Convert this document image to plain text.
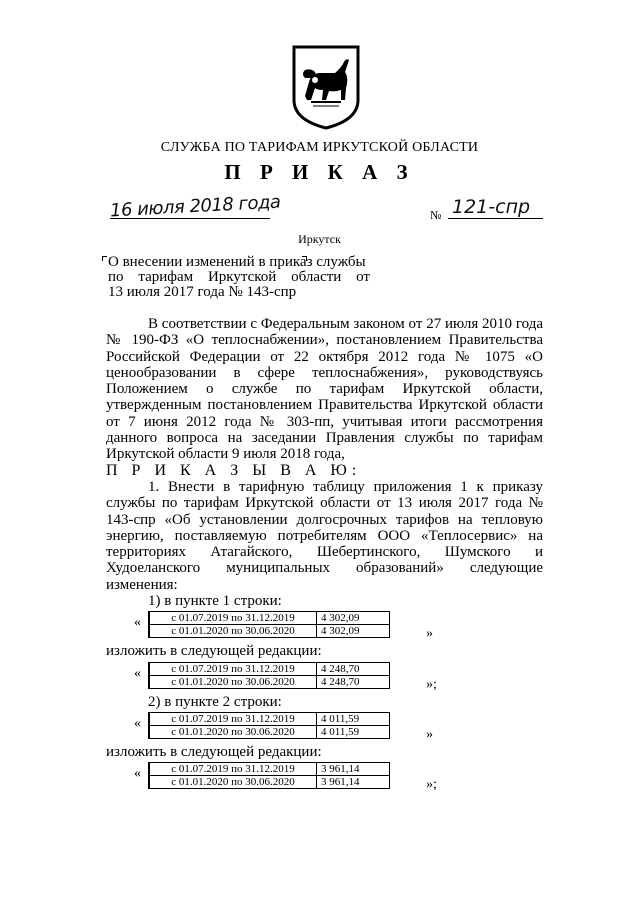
СЛУЖБА ПО ТАРИФАМ ИРКУТСКОЙ ОБЛАСТИ
П Р И К А З
16 июля 2018 года	№ 121-спр
Иркутск
О внесении изменений в приказ службы
по тарифам Иркутской области от
13 июля 2017 года № 143-спр

В соответствии с Федеральным законом от 27 июля 2010 года № 190-ФЗ «О теплоснабжении», постановлением Правительства Российской Федерации от 22 октября 2012 года № 1075 «О ценообразовании в сфере теплоснабжения», руководствуясь Положением о службе по тарифам Иркутской области, утвержденным постановлением Правительства Иркутской области от 7 июня 2012 года № 303-пп, учитывая итоги рассмотрения данного вопроса на заседании Правления службы по тарифам Иркутской области 9 июля 2018 года,

П Р И К А З Ы В А Ю:

1. Внести в тарифную таблицу приложения 1 к приказу службы по тарифам Иркутской области от 13 июля 2017 года № 143-спр «Об установлении долгосрочных тарифов на тепловую энергию, поставляемую потребителям ООО «Теплосервис» на территориях Атагайского, Шебертинского, Шумского и Худоеланского муниципальных образований» следующие изменения:

1) в пункте 1 строки:

«	с 01.07.2019 по 31.12.2019	4 302,09
с 01.01.2020 по 30.06.2020	4 302,09	»

изложить в следующей редакции:

«	с 01.07.2019 по 31.12.2019	4 248,70
с 01.01.2020 по 30.06.2020	4 248,70	»;

2) в пункте 2 строки:

«	с 01.07.2019 по 31.12.2019	4 011,59
с 01.01.2020 по 30.06.2020	4 011,59	»

изложить в следующей редакции:

«	с 01.07.2019 по 31.12.2019	3 961,14
с 01.01.2020 по 30.06.2020	3 961,14	»;
